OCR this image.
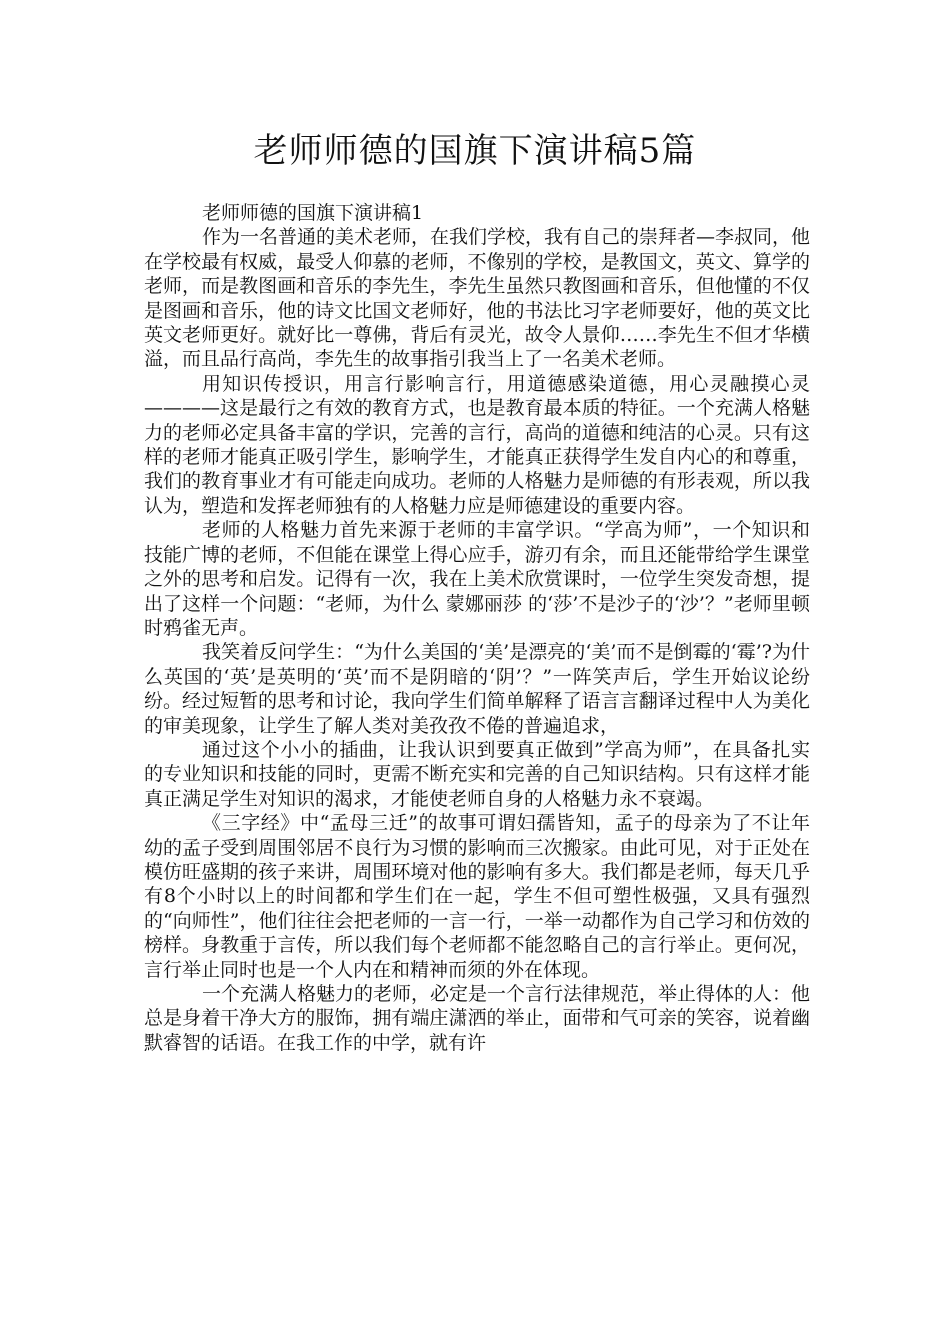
老师师德的国旗下演讲稿5篇

老师师德的国旗下演讲稿1

作为一名普通的美术老师，在我们学校，我有自己的崇拜者—李叔同，他在学校最有权威，最受人仰慕的老师，不像别的学校，是教国文，英文、算学的老师，而是教图画和音乐的李先生，李先生虽然只教图画和音乐，但他懂的不仅是图画和音乐，他的诗文比国文老师好，他的书法比习字老师要好，他的英文比英文老师更好。就好比一尊佛，背后有灵光，故令人景仰……李先生不但才华横溢，而且品行高尚，李先生的故事指引我当上了一名美术老师。

用知识传授识，用言行影响言行，用道德感染道德，用心灵融摸心灵————这是最行之有效的教育方式，也是教育最本质的特征。一个充满人格魅力的老师必定具备丰富的学识，完善的言行，高尚的道德和纯洁的心灵。只有这样的老师才能真正吸引学生，影响学生，才能真正获得学生发自内心的和尊重，我们的教育事业才有可能走向成功。老师的人格魅力是师德的有形表观，所以我认为，塑造和发挥老师独有的人格魅力应是师德建设的重要内容。

老师的人格魅力首先来源于老师的丰富学识。“学高为师”，一个知识和技能广博的老师，不但能在课堂上得心应手，游刃有余，而且还能带给学生课堂之外的思考和启发。记得有一次，我在上美术欣赏课时，一位学生突发奇想，提出了这样一个问题：“老师，为什么 蒙娜丽莎 的‘莎’不是沙子的‘沙’？”老师里顿时鸦雀无声。

我笑着反问学生：“为什么美国的‘美’是漂亮的‘美’而不是倒霉的‘霉’?为什么英国的‘英’是英明的‘英’而不是阴暗的‘阴’？”一阵笑声后，学生开始议论纷纷。经过短暂的思考和讨论，我向学生们简单解释了语言言翻译过程中人为美化的审美现象，让学生了解人类对美孜孜不倦的普遍追求，

通过这个小小的插曲，让我认识到要真正做到”学高为师”，在具备扎实的专业知识和技能的同时，更需不断充实和完善的自己知识结构。只有这样才能真正满足学生对知识的渴求，才能使老师自身的人格魅力永不衰竭。

《三字经》中“孟母三迁”的故事可谓妇孺皆知，孟子的母亲为了不让年幼的孟子受到周围邻居不良行为习惯的影响而三次搬家。由此可见，对于正处在模仿旺盛期的孩子来讲，周围环境对他的影响有多大。我们都是老师，每天几乎有8个小时以上的时间都和学生们在一起，学生不但可塑性极强，又具有强烈的“向师性”，他们往往会把老师的一言一行，一举一动都作为自己学习和仿效的榜样。身教重于言传，所以我们每个老师都不能忽略自己的言行举止。更何况，言行举止同时也是一个人内在和精神而须的外在体现。

一个充满人格魅力的老师，必定是一个言行法律规范，举止得体的人：他总是身着干净大方的服饰，拥有端庄潇洒的举止，面带和气可亲的笑容，说着幽默睿智的话语。在我工作的中学，就有许
